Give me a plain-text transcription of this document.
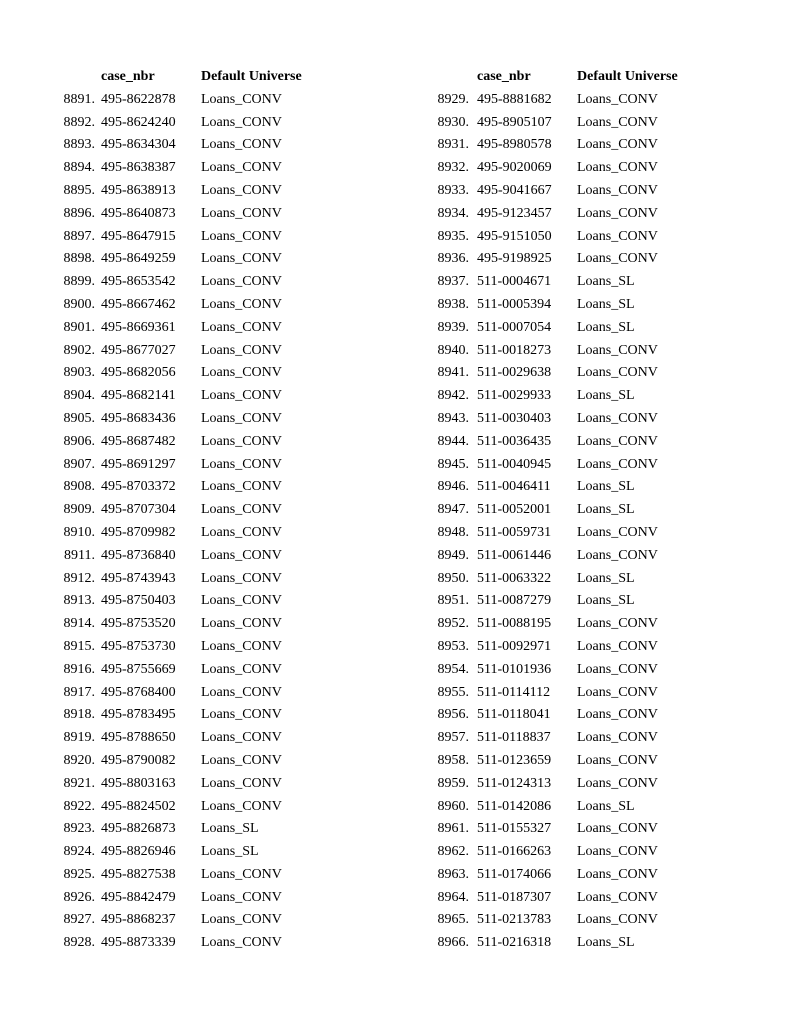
case_nbr	Default Universe
8891. 495-8622878 Loans_CONV
8892. 495-8624240 Loans_CONV
8893. 495-8634304 Loans_CONV
8894. 495-8638387 Loans_CONV
8895. 495-8638913 Loans_CONV
8896. 495-8640873 Loans_CONV
8897. 495-8647915 Loans_CONV
8898. 495-8649259 Loans_CONV
8899. 495-8653542 Loans_CONV
8900. 495-8667462 Loans_CONV
8901. 495-8669361 Loans_CONV
8902. 495-8677027 Loans_CONV
8903. 495-8682056 Loans_CONV
8904. 495-8682141 Loans_CONV
8905. 495-8683436 Loans_CONV
8906. 495-8687482 Loans_CONV
8907. 495-8691297 Loans_CONV
8908. 495-8703372 Loans_CONV
8909. 495-8707304 Loans_CONV
8910. 495-8709982 Loans_CONV
8911. 495-8736840 Loans_CONV
8912. 495-8743943 Loans_CONV
8913. 495-8750403 Loans_CONV
8914. 495-8753520 Loans_CONV
8915. 495-8753730 Loans_CONV
8916. 495-8755669 Loans_CONV
8917. 495-8768400 Loans_CONV
8918. 495-8783495 Loans_CONV
8919. 495-8788650 Loans_CONV
8920. 495-8790082 Loans_CONV
8921. 495-8803163 Loans_CONV
8922. 495-8824502 Loans_CONV
8923. 495-8826873 Loans_SL
8924. 495-8826946 Loans_SL
8925. 495-8827538 Loans_CONV
8926. 495-8842479 Loans_CONV
8927. 495-8868237 Loans_CONV
8928. 495-8873339 Loans_CONV
case_nbr	Default Universe
8929. 495-8881682 Loans_CONV
8930. 495-8905107 Loans_CONV
8931. 495-8980578 Loans_CONV
8932. 495-9020069 Loans_CONV
8933. 495-9041667 Loans_CONV
8934. 495-9123457 Loans_CONV
8935. 495-9151050 Loans_CONV
8936. 495-9198925 Loans_CONV
8937. 511-0004671 Loans_SL
8938. 511-0005394 Loans_SL
8939. 511-0007054 Loans_SL
8940. 511-0018273 Loans_CONV
8941. 511-0029638 Loans_CONV
8942. 511-0029933 Loans_SL
8943. 511-0030403 Loans_CONV
8944. 511-0036435 Loans_CONV
8945. 511-0040945 Loans_CONV
8946. 511-0046411 Loans_SL
8947. 511-0052001 Loans_SL
8948. 511-0059731 Loans_CONV
8949. 511-0061446 Loans_CONV
8950. 511-0063322 Loans_SL
8951. 511-0087279 Loans_SL
8952. 511-0088195 Loans_CONV
8953. 511-0092971 Loans_CONV
8954. 511-0101936 Loans_CONV
8955. 511-0114112 Loans_CONV
8956. 511-0118041 Loans_CONV
8957. 511-0118837 Loans_CONV
8958. 511-0123659 Loans_CONV
8959. 511-0124313 Loans_CONV
8960. 511-0142086 Loans_SL
8961. 511-0155327 Loans_CONV
8962. 511-0166263 Loans_CONV
8963. 511-0174066 Loans_CONV
8964. 511-0187307 Loans_CONV
8965. 511-0213783 Loans_CONV
8966. 511-0216318 Loans_SL
